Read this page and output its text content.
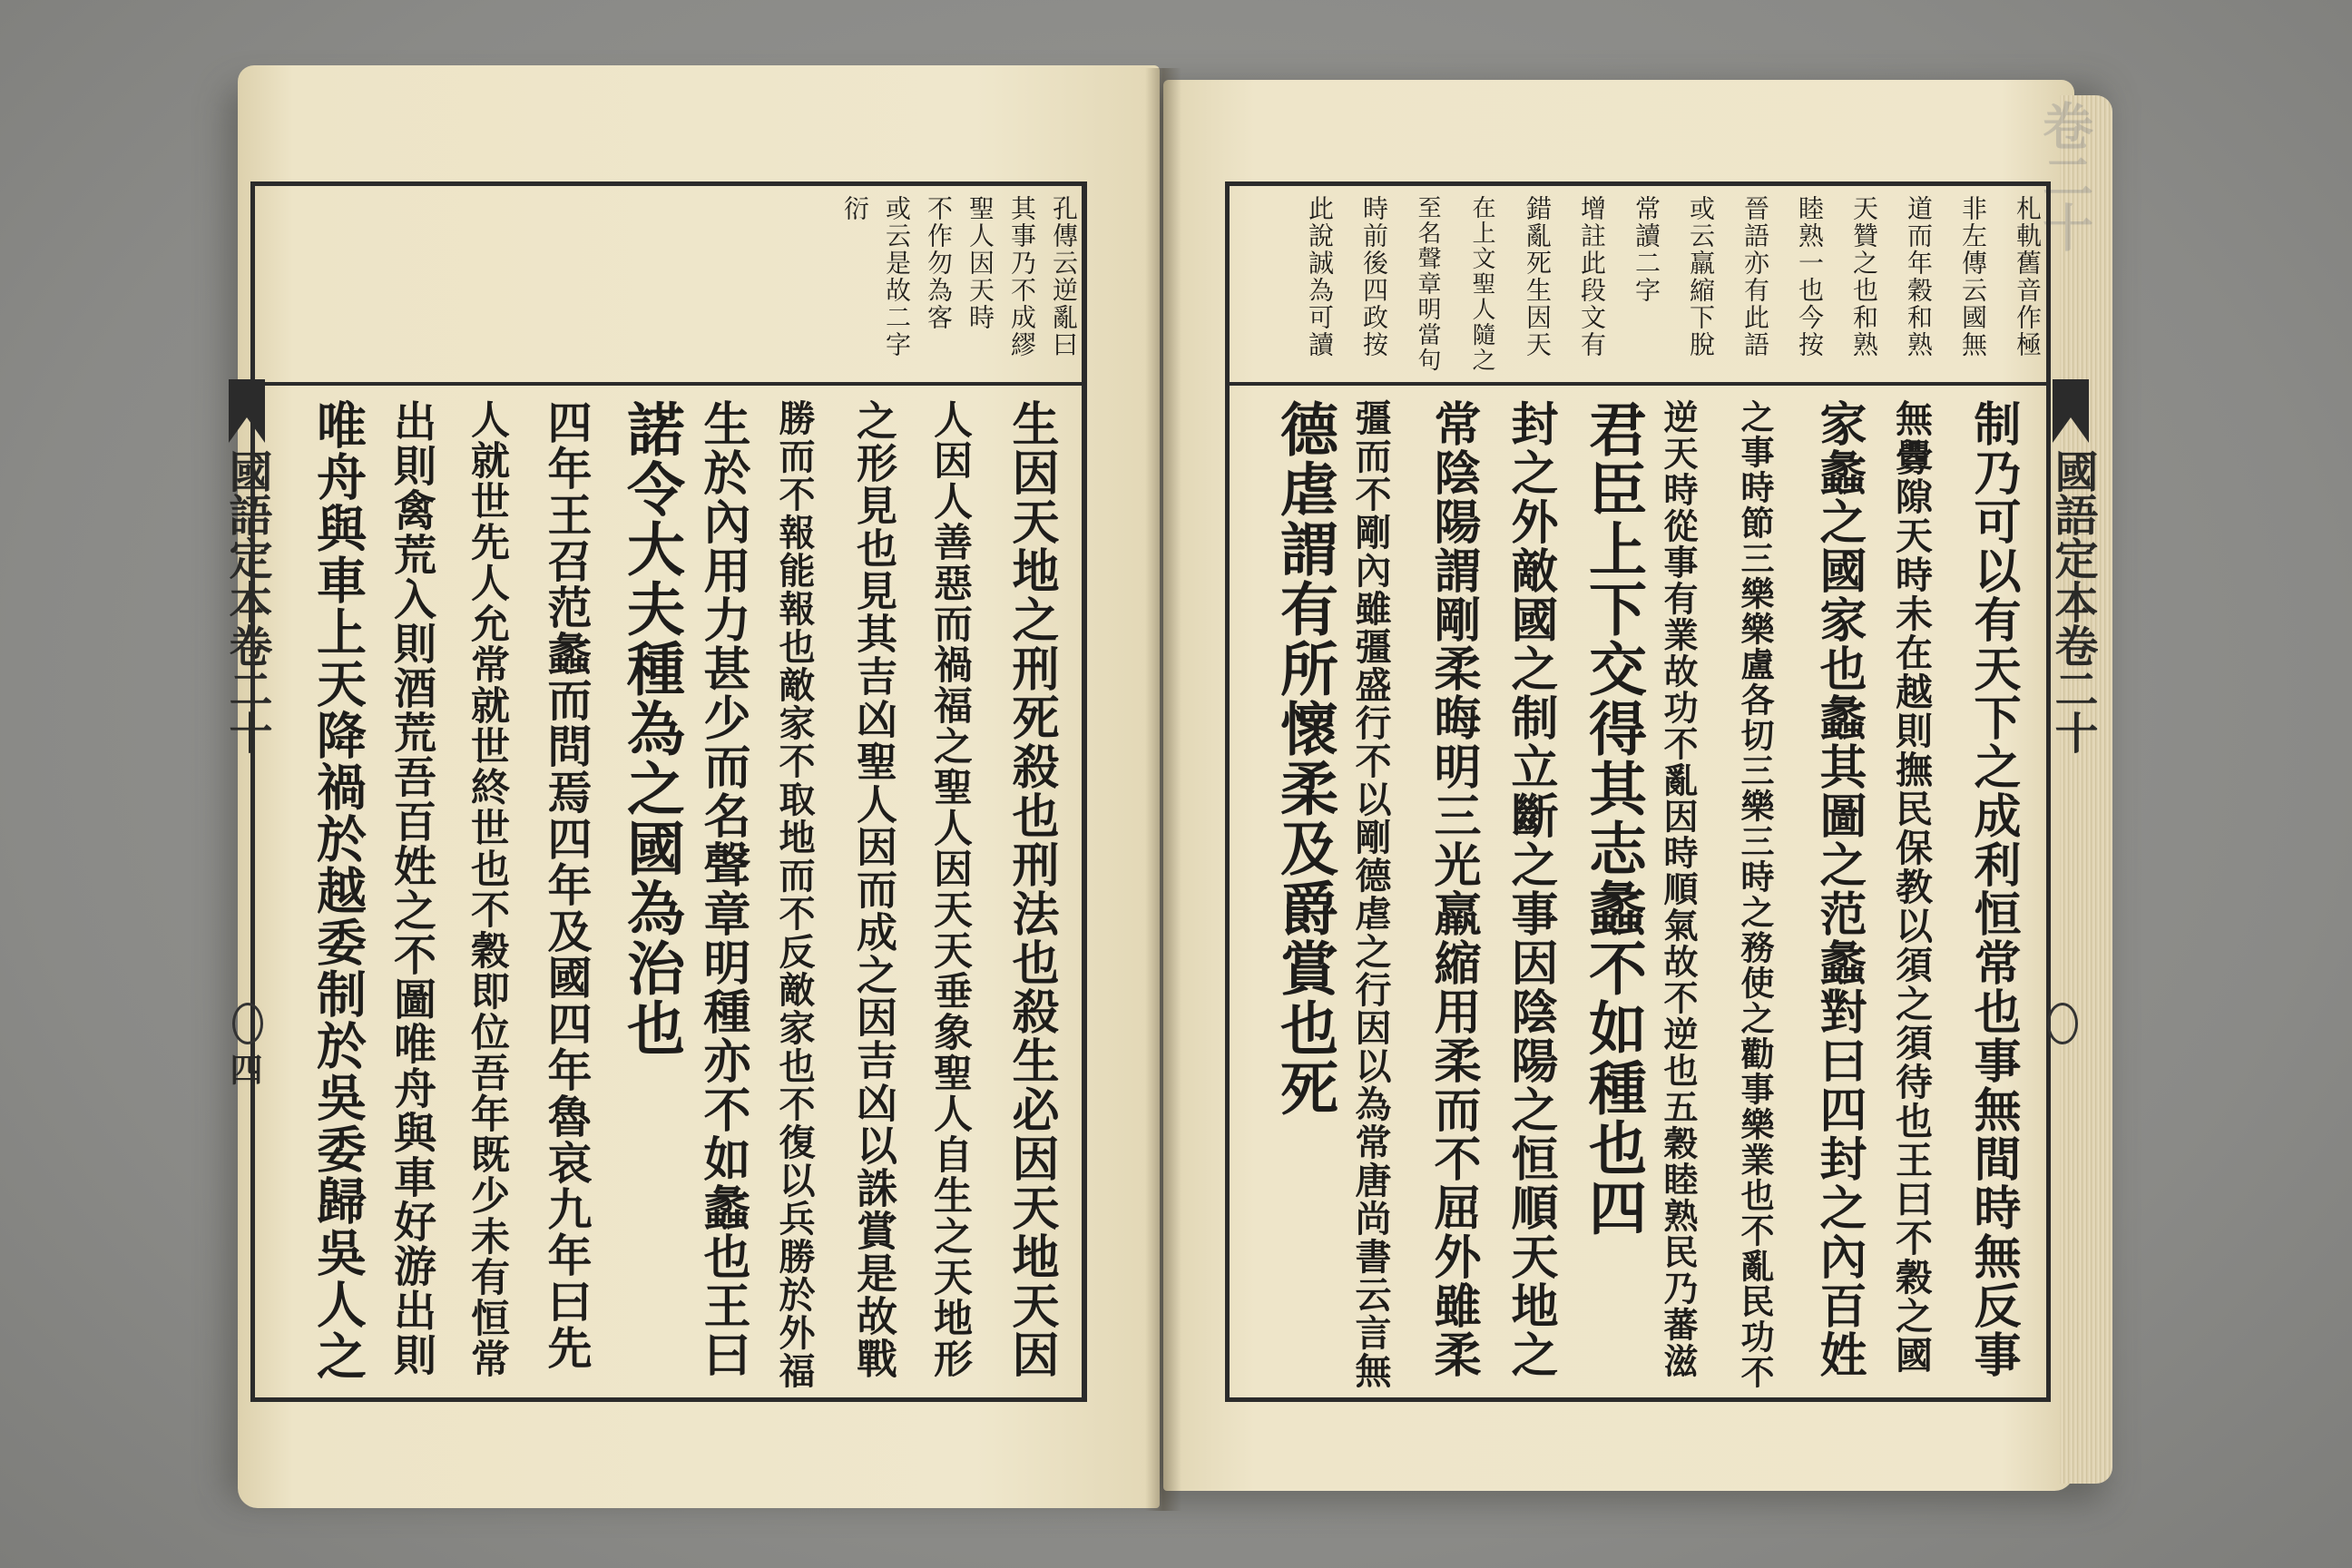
卷二十
國語定本卷二十
四
國語定本卷二十
孔傳云逆亂曰
其事乃不成繆
聖人因天時
不作勿為客
或云是故二字
衍
生因天地之刑死殺也刑法也殺生必因天地天因
人因人善惡而禍福之聖人因天天垂象聖人自生之天地形
之形見也見其吉凶聖人因而成之因吉凶以誅賞是故戰
勝而不報能報也敵家不取地而不反敵家也不復以兵勝於外福
生於內用力甚少而名聲章明種亦不如蠡也王曰
諾令大夫種為之國為治也
四年王召范蠡而問焉四年及國四年魯哀九年曰先
人就世先人允常就世終世也不穀即位吾年既少未有恒常
出則禽荒入則酒荒吾百姓之不圖唯舟與車好游出則
唯舟與車上天降禍於越委制於吳委歸吳人之
札軌舊音作極
非左傳云國無
道而年穀和熟
天贊之也和熟
睦熟一也今按
晉語亦有此語
或云羸縮下脫
常讀二字
增註此段文有
錯亂死生因天
在上文聖人隨之
至名聲章明當句
時前後四政按
此說誠為可讀
制乃可以有天下之成利恒常也事無間時無反事
無釁隙天時未在越則撫民保教以須之須待也王曰不穀之國
家蠡之國家也蠡其圖之范蠡對曰四封之內百姓
之事時節三樂樂盧各切三樂三時之務使之勸事樂業也不亂民功不
逆天時從事有業故功不亂因時順氣故不逆也五穀睦熟民乃蕃滋
君臣上下交得其志蠡不如種也四
封之外敵國之制立斷之事因陰陽之恒順天地之
常陰陽謂剛柔晦明三光羸縮用柔而不屈外雖柔
彊而不剛內雖彊盛行不以剛德虐之行因以為常唐尚書云言無
德虐謂有所懷柔及爵賞也死
